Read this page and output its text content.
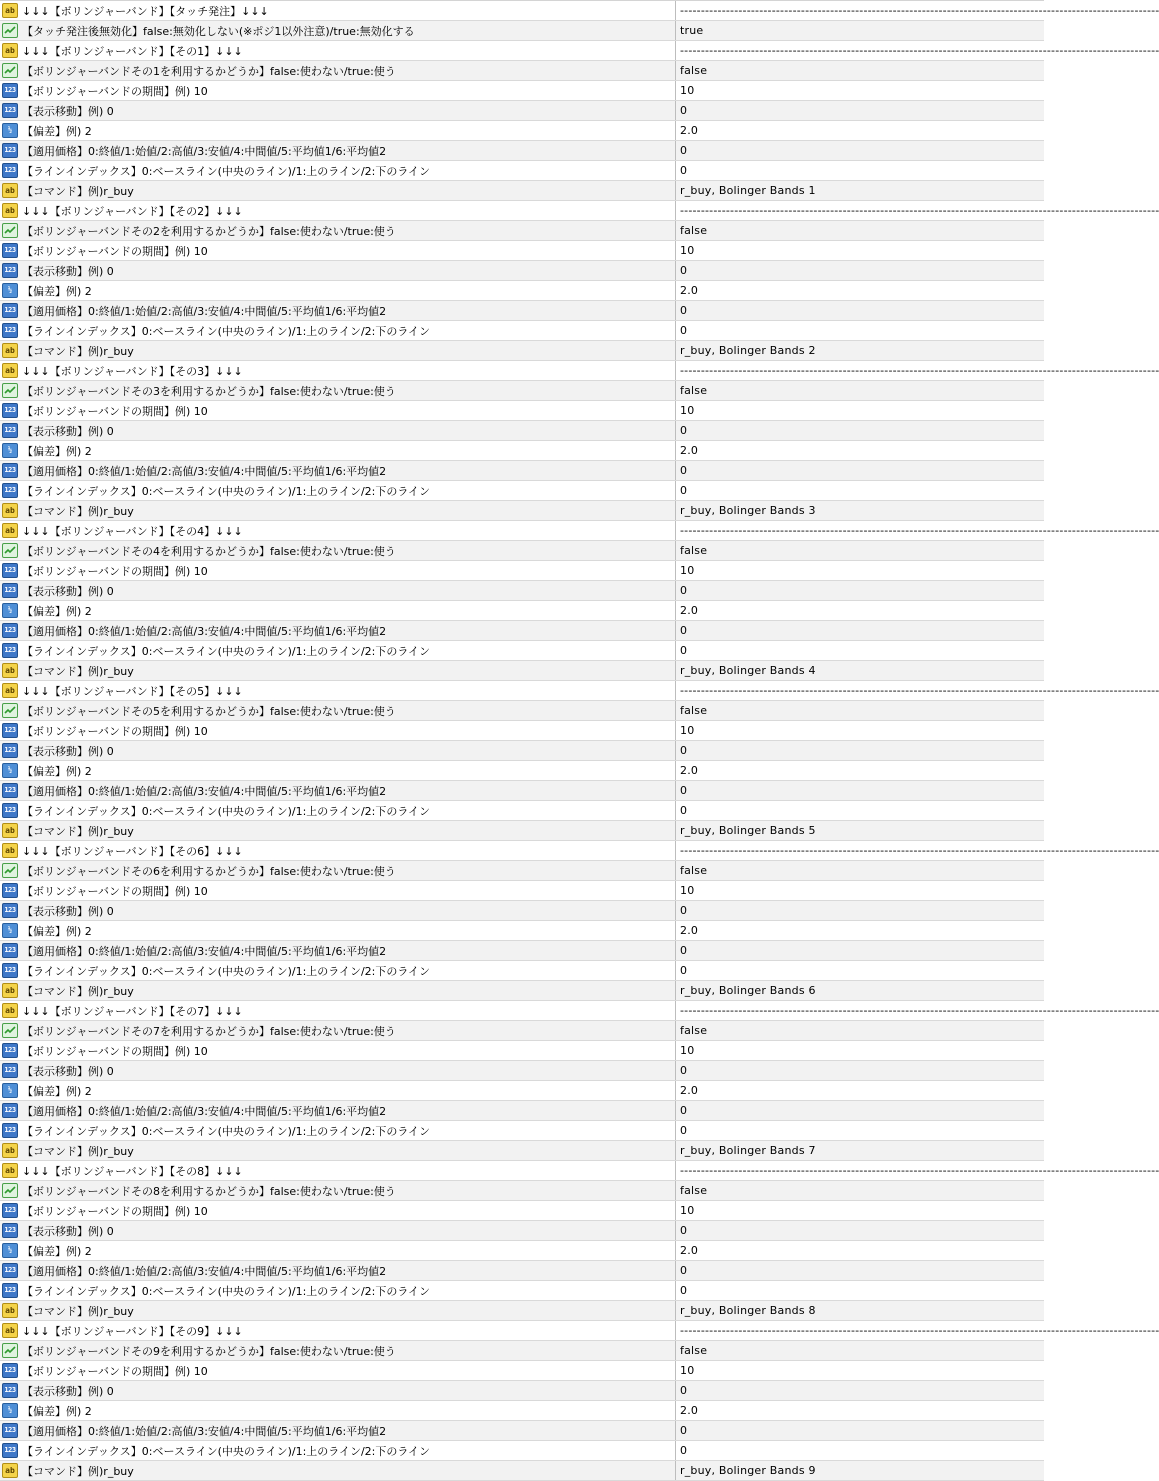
ab ↓↓↓【ボリンジャーバンド】【タッチ発注】↓↓↓	-------------------------------------------------------------------------------------------------------------------
【タッチ発注後無効化】false:無効化しない(※ポジ1以外注意)/true:無効化する	true
ab ↓↓↓【ボリンジャーバンド】【その1】↓↓↓	-------------------------------------------------------------------------------------------------------------------
【ボリンジャーバンドその1を利用するかどうか】false:使わない/true:使う	false
123 【ボリンジャーバンドの期間】例) 10	10
123 【表示移動】例) 0	0
½ 【偏差】例) 2	2.0
123 【適用価格】0:終値/1:始値/2:高値/3:安値/4:中間値/5:平均値1/6:平均値2	0
123 【ラインインデックス】0:ベースライン(中央のライン)/1:上のライン/2:下のライン	0
ab 【コマンド】例)r_buy	r_buy, Bolinger Bands 1
ab ↓↓↓【ボリンジャーバンド】【その2】↓↓↓	-------------------------------------------------------------------------------------------------------------------
【ボリンジャーバンドその2を利用するかどうか】false:使わない/true:使う	false
123 【ボリンジャーバンドの期間】例) 10	10
123 【表示移動】例) 0	0
½ 【偏差】例) 2	2.0
123 【適用価格】0:終値/1:始値/2:高値/3:安値/4:中間値/5:平均値1/6:平均値2	0
123 【ラインインデックス】0:ベースライン(中央のライン)/1:上のライン/2:下のライン	0
ab 【コマンド】例)r_buy	r_buy, Bolinger Bands 2
ab ↓↓↓【ボリンジャーバンド】【その3】↓↓↓	-------------------------------------------------------------------------------------------------------------------
【ボリンジャーバンドその3を利用するかどうか】false:使わない/true:使う	false
123 【ボリンジャーバンドの期間】例) 10	10
123 【表示移動】例) 0	0
½ 【偏差】例) 2	2.0
123 【適用価格】0:終値/1:始値/2:高値/3:安値/4:中間値/5:平均値1/6:平均値2	0
123 【ラインインデックス】0:ベースライン(中央のライン)/1:上のライン/2:下のライン	0
ab 【コマンド】例)r_buy	r_buy, Bolinger Bands 3
ab ↓↓↓【ボリンジャーバンド】【その4】↓↓↓	-------------------------------------------------------------------------------------------------------------------
【ボリンジャーバンドその4を利用するかどうか】false:使わない/true:使う	false
123 【ボリンジャーバンドの期間】例) 10	10
123 【表示移動】例) 0	0
½ 【偏差】例) 2	2.0
123 【適用価格】0:終値/1:始値/2:高値/3:安値/4:中間値/5:平均値1/6:平均値2	0
123 【ラインインデックス】0:ベースライン(中央のライン)/1:上のライン/2:下のライン	0
ab 【コマンド】例)r_buy	r_buy, Bolinger Bands 4
ab ↓↓↓【ボリンジャーバンド】【その5】↓↓↓	-------------------------------------------------------------------------------------------------------------------
【ボリンジャーバンドその5を利用するかどうか】false:使わない/true:使う	false
123 【ボリンジャーバンドの期間】例) 10	10
123 【表示移動】例) 0	0
½ 【偏差】例) 2	2.0
123 【適用価格】0:終値/1:始値/2:高値/3:安値/4:中間値/5:平均値1/6:平均値2	0
123 【ラインインデックス】0:ベースライン(中央のライン)/1:上のライン/2:下のライン	0
ab 【コマンド】例)r_buy	r_buy, Bolinger Bands 5
ab ↓↓↓【ボリンジャーバンド】【その6】↓↓↓	-------------------------------------------------------------------------------------------------------------------
【ボリンジャーバンドその6を利用するかどうか】false:使わない/true:使う	false
123 【ボリンジャーバンドの期間】例) 10	10
123 【表示移動】例) 0	0
½ 【偏差】例) 2	2.0
123 【適用価格】0:終値/1:始値/2:高値/3:安値/4:中間値/5:平均値1/6:平均値2	0
123 【ラインインデックス】0:ベースライン(中央のライン)/1:上のライン/2:下のライン	0
ab 【コマンド】例)r_buy	r_buy, Bolinger Bands 6
ab ↓↓↓【ボリンジャーバンド】【その7】↓↓↓	-------------------------------------------------------------------------------------------------------------------
【ボリンジャーバンドその7を利用するかどうか】false:使わない/true:使う	false
123 【ボリンジャーバンドの期間】例) 10	10
123 【表示移動】例) 0	0
½ 【偏差】例) 2	2.0
123 【適用価格】0:終値/1:始値/2:高値/3:安値/4:中間値/5:平均値1/6:平均値2	0
123 【ラインインデックス】0:ベースライン(中央のライン)/1:上のライン/2:下のライン	0
ab 【コマンド】例)r_buy	r_buy, Bolinger Bands 7
ab ↓↓↓【ボリンジャーバンド】【その8】↓↓↓	-------------------------------------------------------------------------------------------------------------------
【ボリンジャーバンドその8を利用するかどうか】false:使わない/true:使う	false
123 【ボリンジャーバンドの期間】例) 10	10
123 【表示移動】例) 0	0
½ 【偏差】例) 2	2.0
123 【適用価格】0:終値/1:始値/2:高値/3:安値/4:中間値/5:平均値1/6:平均値2	0
123 【ラインインデックス】0:ベースライン(中央のライン)/1:上のライン/2:下のライン	0
ab 【コマンド】例)r_buy	r_buy, Bolinger Bands 8
ab ↓↓↓【ボリンジャーバンド】【その9】↓↓↓	-------------------------------------------------------------------------------------------------------------------
【ボリンジャーバンドその9を利用するかどうか】false:使わない/true:使う	false
123 【ボリンジャーバンドの期間】例) 10	10
123 【表示移動】例) 0	0
½ 【偏差】例) 2	2.0
123 【適用価格】0:終値/1:始値/2:高値/3:安値/4:中間値/5:平均値1/6:平均値2	0
123 【ラインインデックス】0:ベースライン(中央のライン)/1:上のライン/2:下のライン	0
ab 【コマンド】例)r_buy	r_buy, Bolinger Bands 9
